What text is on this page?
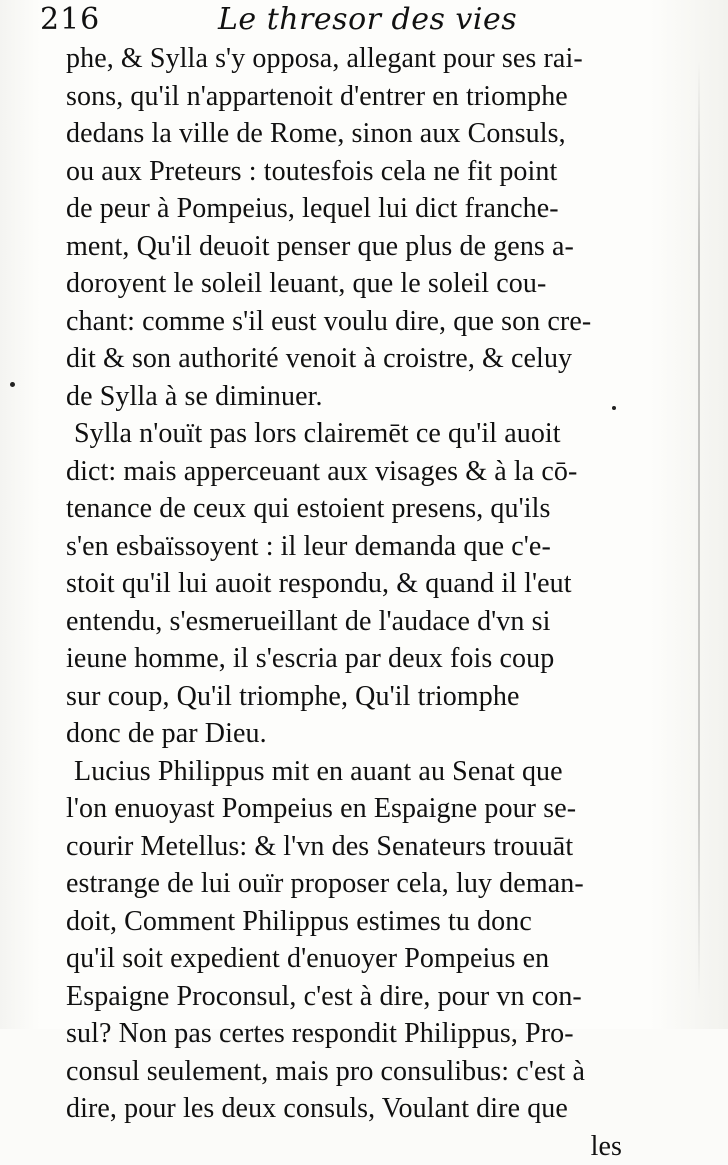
216	Le thresor des vies
phe, & Sylla s'y opposa, allegant pour ses rai-
sons, qu'il n'appartenoit d'entrer en triomphe
dedans la ville de Rome, sinon aux Consuls,
ou aux Preteurs : toutesfois cela ne fit point
de peur à Pompeius, lequel lui dict franche-
ment, Qu'il deuoit penser que plus de gens a-
doroyent le soleil leuant, que le soleil cou-
chant: comme s'il eust voulu dire, que son cre-
dit & son authorité venoit à croistre, & celuy
de Sylla à se diminuer.
Sylla n'ouït pas lors clairemēt ce qu'il auoit
dict: mais apperceuant aux visages & à la cō-
tenance de ceux qui estoient presens, qu'ils
s'en esbaïssoyent : il leur demanda que c'e-
stoit qu'il lui auoit respondu, & quand il l'eut
entendu, s'esmerueillant de l'audace d'vn si
ieune homme, il s'escria par deux fois coup
sur coup, Qu'il triomphe, Qu'il triomphe
donc de par Dieu.
Lucius Philippus mit en auant au Senat que
l'on enuoyast Pompeius en Espaigne pour se-
courir Metellus: & l'vn des Senateurs trouuāt
estrange de lui ouïr proposer cela, luy deman-
doit, Comment Philippus estimes tu donc
qu'il soit expedient d'enuoyer Pompeius en
Espaigne Proconsul, c'est à dire, pour vn con-
sul? Non pas certes respondit Philippus, Pro-
consul seulement, mais pro consulibus: c'est à
dire, pour les deux consuls, Voulant dire que
les
